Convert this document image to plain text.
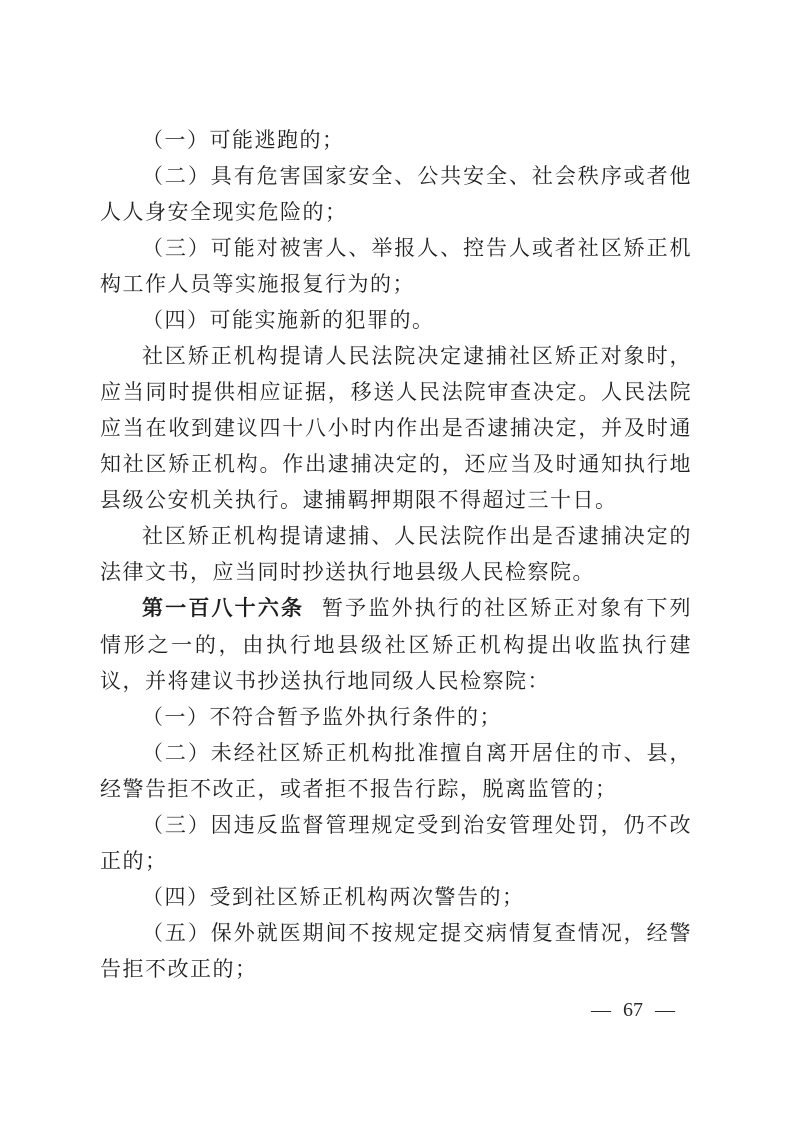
（一）可能逃跑的；

（二）具有危害国家安全、公共安全、社会秩序或者他人人身安全现实危险的；

（三）可能对被害人、举报人、控告人或者社区矫正机构工作人员等实施报复行为的；

（四）可能实施新的犯罪的。

社区矫正机构提请人民法院决定逮捕社区矫正对象时，应当同时提供相应证据，移送人民法院审查决定。人民法院应当在收到建议四十八小时内作出是否逮捕决定，并及时通知社区矫正机构。作出逮捕决定的，还应当及时通知执行地县级公安机关执行。逮捕羁押期限不得超过三十日。

社区矫正机构提请逮捕、人民法院作出是否逮捕决定的法律文书，应当同时抄送执行地县级人民检察院。

第一百八十六条 暂予监外执行的社区矫正对象有下列情形之一的，由执行地县级社区矫正机构提出收监执行建议，并将建议书抄送执行地同级人民检察院：

（一）不符合暂予监外执行条件的；

（二）未经社区矫正机构批准擅自离开居住的市、县，经警告拒不改正，或者拒不报告行踪，脱离监管的；

（三）因违反监督管理规定受到治安管理处罚，仍不改正的；

（四）受到社区矫正机构两次警告的；

（五）保外就医期间不按规定提交病情复查情况，经警告拒不改正的；

— 67 —
